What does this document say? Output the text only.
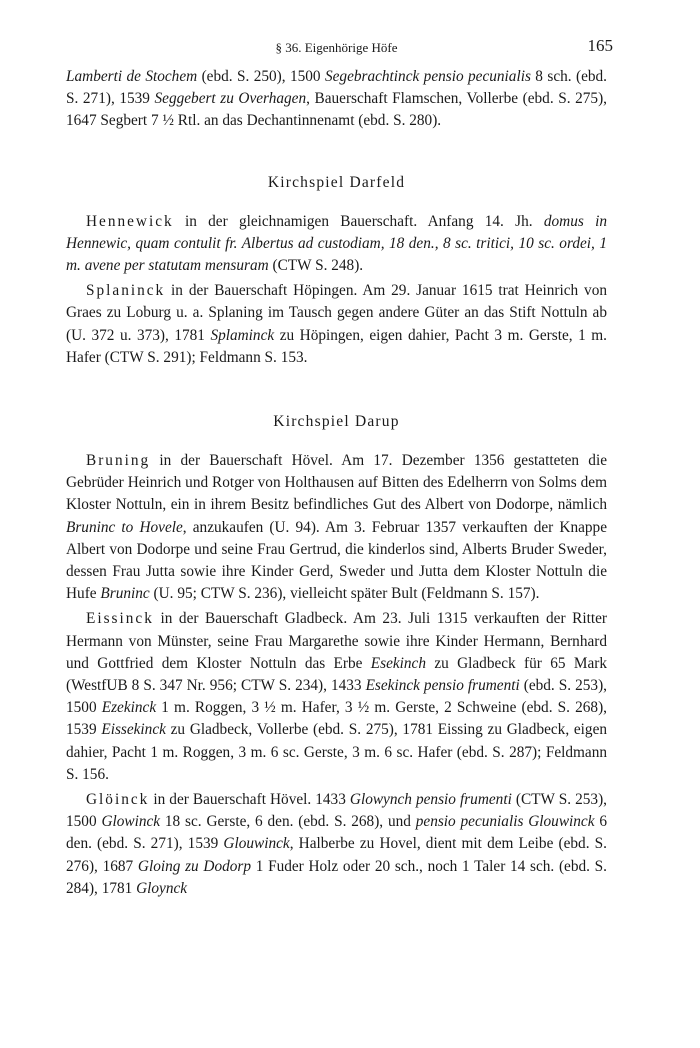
§ 36. Eigenhörige Höfe	165

Lamberti de Stochem (ebd. S. 250), 1500 Segebrachtinck pensio pecunialis 8 sch. (ebd. S. 271), 1539 Seggebert zu Overhagen, Bauerschaft Flamschen, Vollerbe (ebd. S. 275), 1647 Segbert 7 ½ Rtl. an das Dechantinnenamt (ebd. S. 280).

Kirchspiel Darfeld

Hennewick in der gleichnamigen Bauerschaft. Anfang 14. Jh. domus in Hennewic, quam contulit fr. Albertus ad custodiam, 18 den., 8 sc. tritici, 10 sc. ordei, 1 m. avene per statutam mensuram (CTW S. 248).

Splaninck in der Bauerschaft Höpingen. Am 29. Januar 1615 trat Heinrich von Graes zu Loburg u. a. Splaning im Tausch gegen andere Güter an das Stift Nottuln ab (U. 372 u. 373), 1781 Splaminck zu Höpingen, eigen dahier, Pacht 3 m. Gerste, 1 m. Hafer (CTW S. 291); Feldmann S. 153.

Kirchspiel Darup

Bruning in der Bauerschaft Hövel. Am 17. Dezember 1356 gestatteten die Gebrüder Heinrich und Rotger von Holthausen auf Bitten des Edelherrn von Solms dem Kloster Nottuln, ein in ihrem Besitz befindliches Gut des Albert von Dodorpe, nämlich Bruninc to Hovele, anzukaufen (U. 94). Am 3. Februar 1357 verkauften der Knappe Albert von Dodorpe und seine Frau Gertrud, die kinderlos sind, Alberts Bruder Sweder, dessen Frau Jutta sowie ihre Kinder Gerd, Sweder und Jutta dem Kloster Nottuln die Hufe Bruninc (U. 95; CTW S. 236), vielleicht später Bult (Feldmann S. 157).

Eissinck in der Bauerschaft Gladbeck. Am 23. Juli 1315 verkauften der Ritter Hermann von Münster, seine Frau Margarethe sowie ihre Kinder Hermann, Bernhard und Gottfried dem Kloster Nottuln das Erbe Esekinch zu Gladbeck für 65 Mark (WestfUB 8 S. 347 Nr. 956; CTW S. 234), 1433 Esekinck pensio frumenti (ebd. S. 253), 1500 Ezekinck 1 m. Roggen, 3 ½ m. Hafer, 3 ½ m. Gerste, 2 Schweine (ebd. S. 268), 1539 Eissekinck zu Gladbeck, Vollerbe (ebd. S. 275), 1781 Eissing zu Gladbeck, eigen dahier, Pacht 1 m. Roggen, 3 m. 6 sc. Gerste, 3 m. 6 sc. Hafer (ebd. S. 287); Feldmann S. 156.

Glöinck in der Bauerschaft Hövel. 1433 Glowynch pensio frumenti (CTW S. 253), 1500 Glowinck 18 sc. Gerste, 6 den. (ebd. S. 268), und pensio pecunialis Glouwinck 6 den. (ebd. S. 271), 1539 Glouwinck, Halberbe zu Hovel, dient mit dem Leibe (ebd. S. 276), 1687 Gloing zu Dodorp 1 Fuder Holz oder 20 sch., noch 1 Taler 14 sch. (ebd. S. 284), 1781 Gloynck
